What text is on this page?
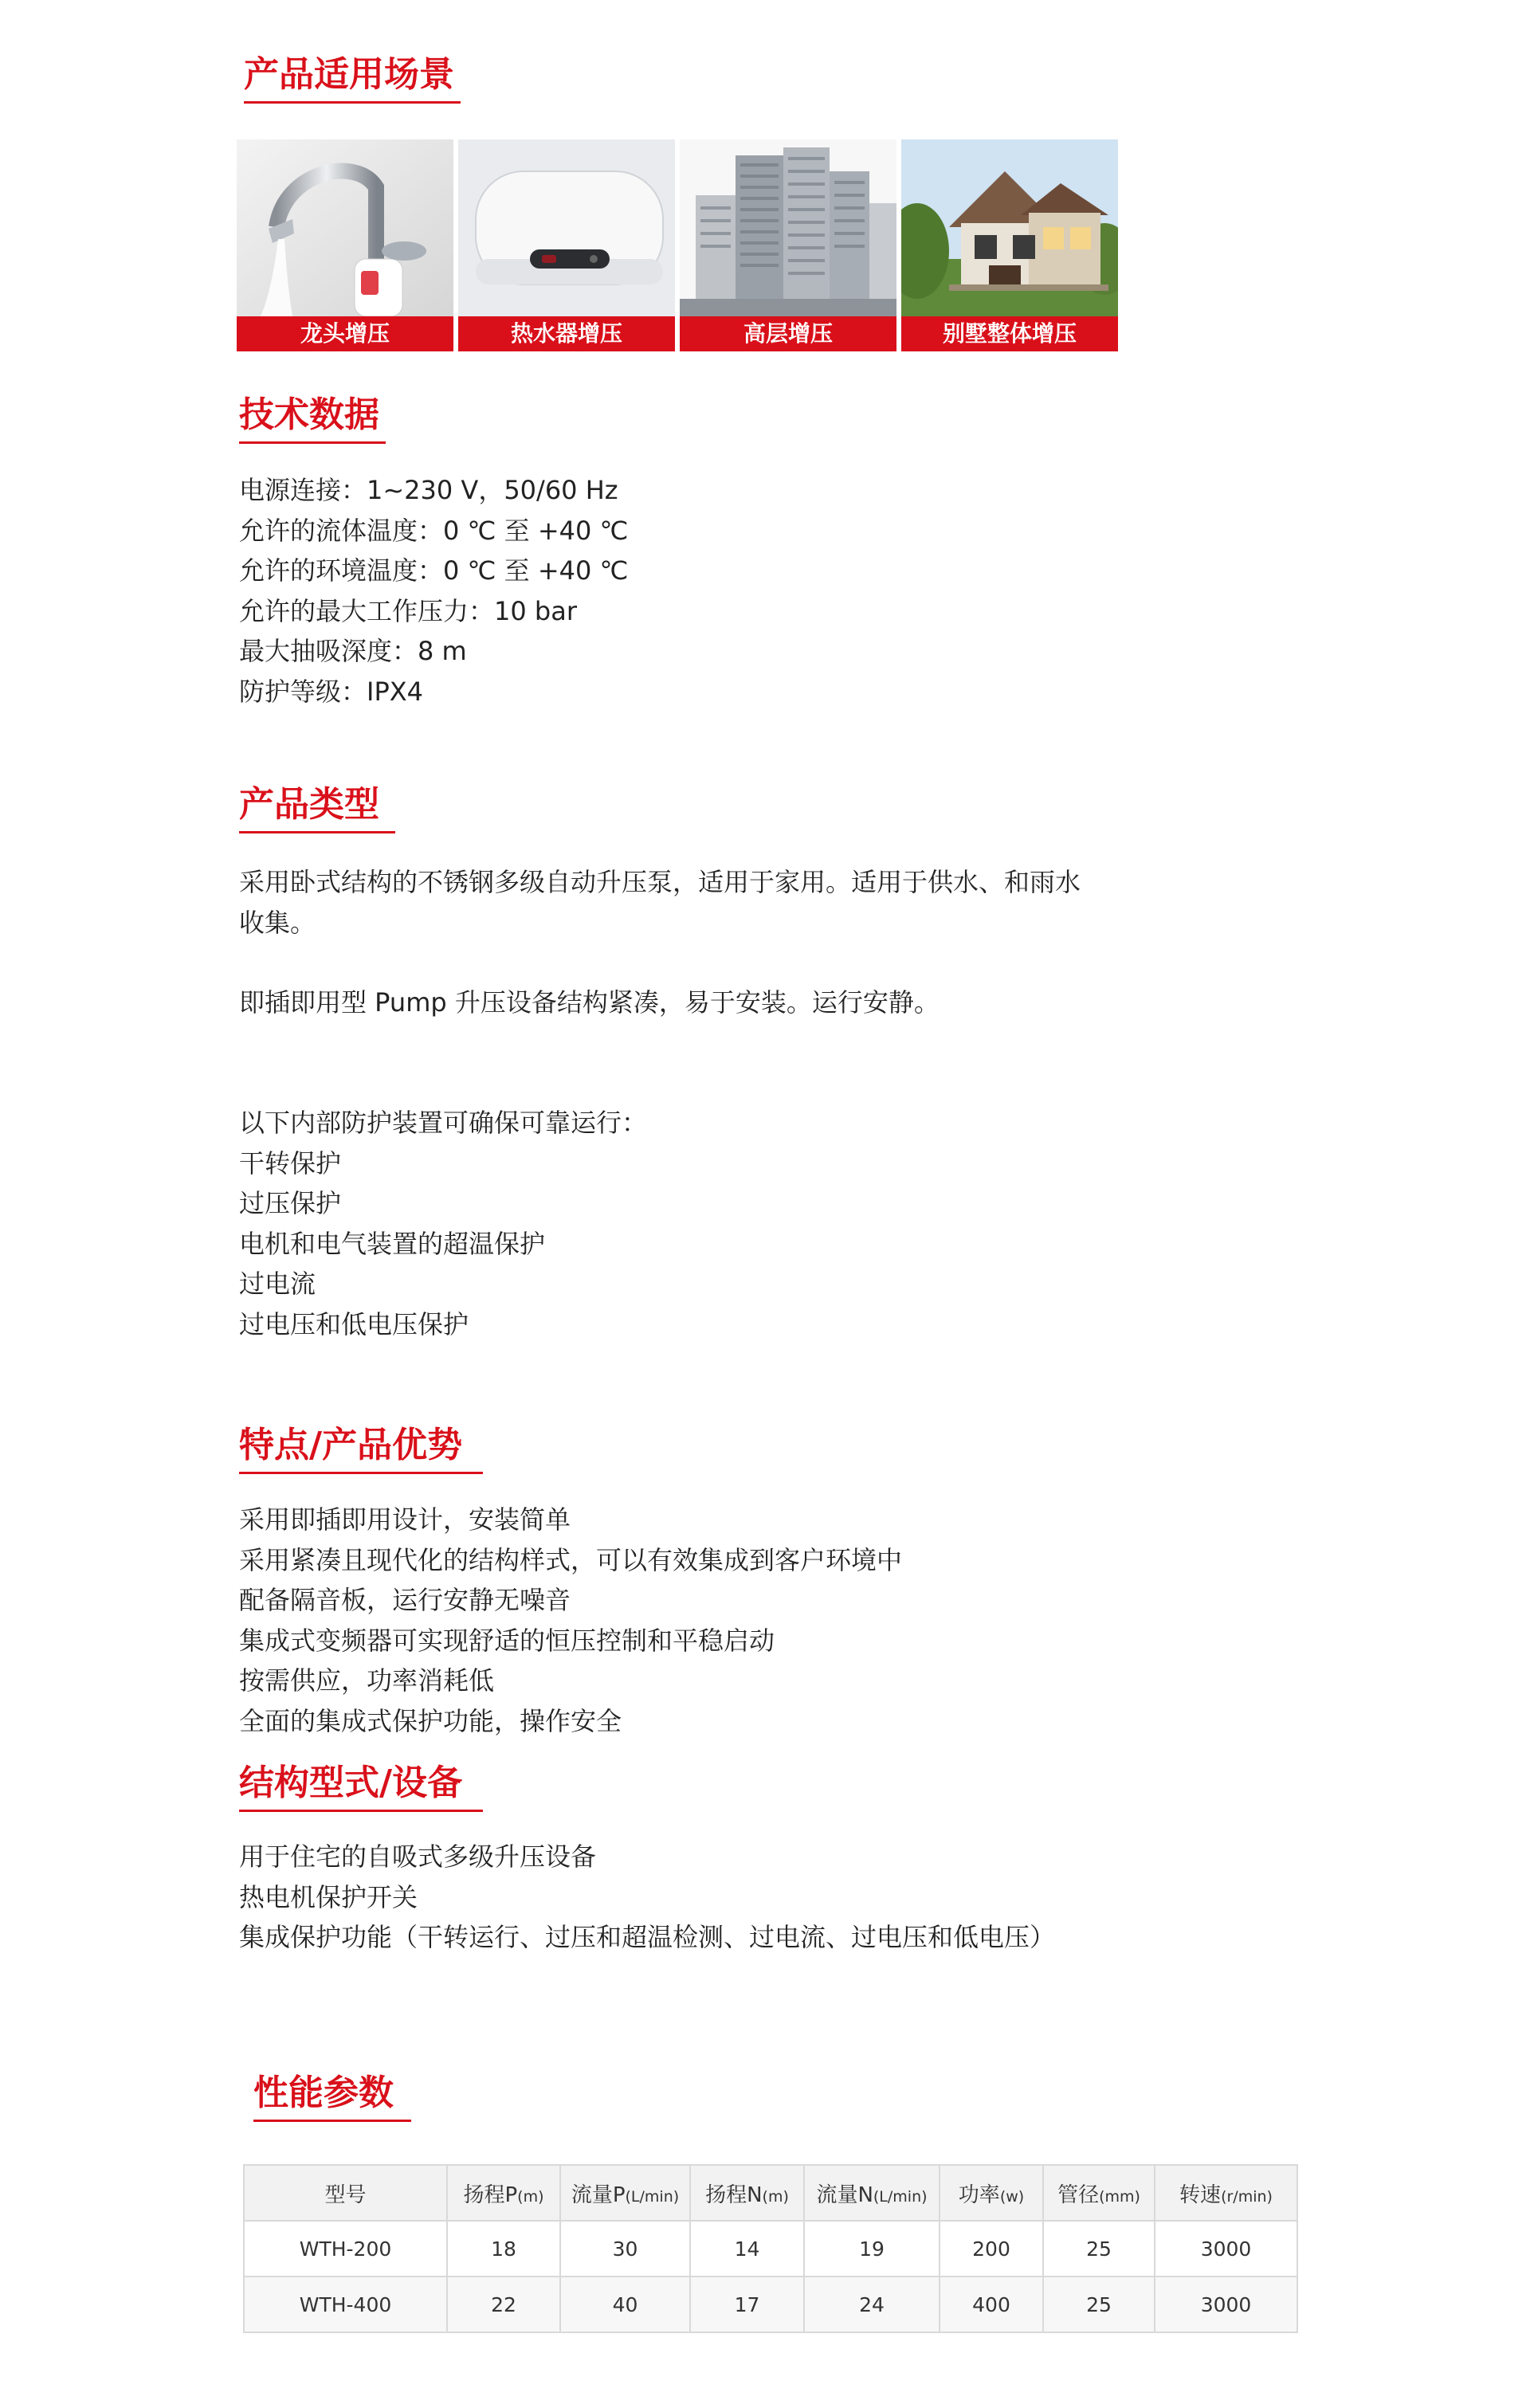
产品适用场景
龙头增压	热水器增压	高层增压	别墅整体增压
技术数据
电源连接：1~230 V，50/60 Hz
允许的流体温度：0 ℃ 至 +40 ℃
允许的环境温度：0 ℃ 至 +40 ℃
允许的最大工作压力：10 bar
最大抽吸深度：8 m
防护等级：IPX4
产品类型
采用卧式结构的不锈钢多级自动升压泵，适用于家用。适用于供水、和雨水
收集。
即插即用型 Pump 升压设备结构紧凑，易于安装。运行安静。
以下内部防护装置可确保可靠运行：
干转保护
过压保护
电机和电气装置的超温保护
过电流
过电压和低电压保护
特点/产品优势
采用即插即用设计，安装简单
采用紧凑且现代化的结构样式，可以有效集成到客户环境中
配备隔音板，运行安静无噪音
集成式变频器可实现舒适的恒压控制和平稳启动
按需供应，功率消耗低
全面的集成式保护功能，操作安全
结构型式/设备
用于住宅的自吸式多级升压设备
热电机保护开关
集成保护功能（干转运行、过压和超温检测、过电流、过电压和低电压）
性能参数
型号	扬程P(m)	流量P(L/min)	扬程N(m)	流量N(L/min)	功率(w)	管径(mm)	转速(r/min)
WTH-200	18	30	14	19	200	25	3000
WTH-400	22	40	17	24	400	25	3000
